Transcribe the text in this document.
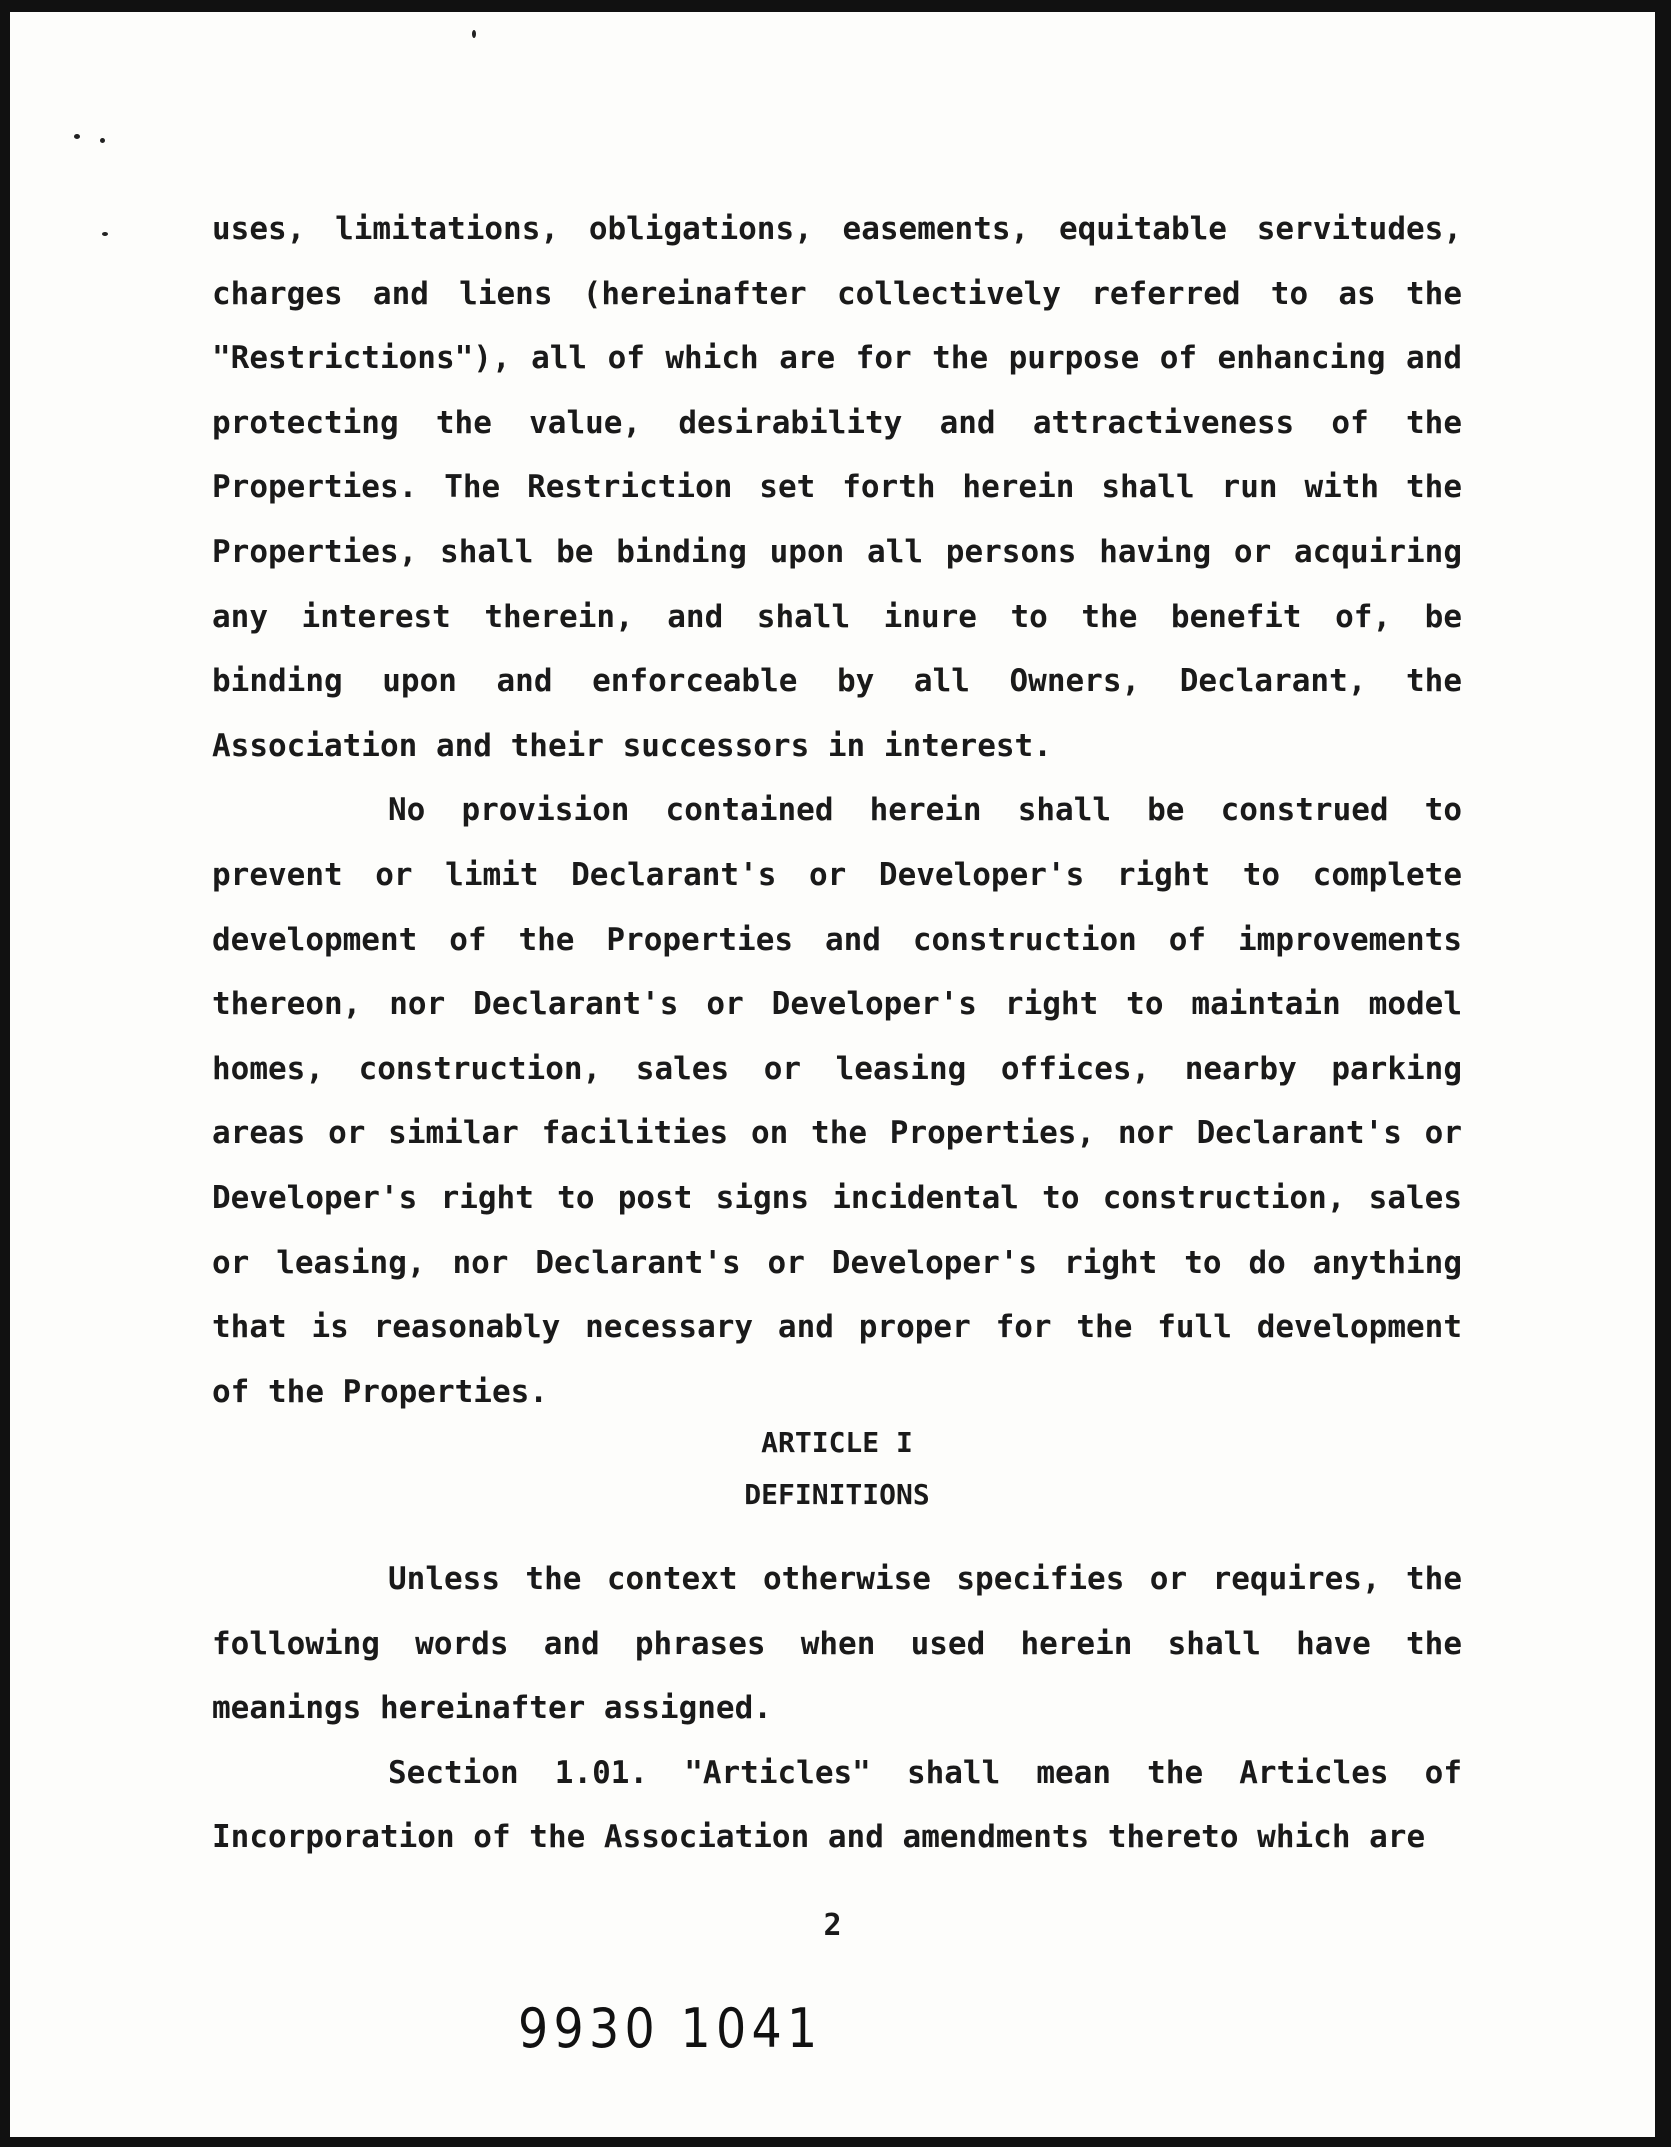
uses, limitations, obligations, easements, equitable servitudes, charges and liens (hereinafter collectively referred to as the "Restrictions"), all of which are for the purpose of enhancing and protecting the value, desirability and attractiveness of the Properties. The Restriction set forth herein shall run with the Properties, shall be binding upon all persons having or acquiring any interest therein, and shall inure to the benefit of, be binding upon and enforceable by all Owners, Declarant, the Association and their successors in interest.

No provision contained herein shall be construed to prevent or limit Declarant's or Developer's right to complete development of the Properties and construction of improvements thereon, nor Declarant's or Developer's right to maintain model homes, construction, sales or leasing offices, nearby parking areas or similar facilities on the Properties, nor Declarant's or Developer's right to post signs incidental to construction, sales or leasing, nor Declarant's or Developer's right to do anything that is reasonably necessary and proper for the full development of the Properties.

ARTICLE I

DEFINITIONS

Unless the context otherwise specifies or requires, the following words and phrases when used herein shall have the meanings hereinafter assigned.

Section 1.01. "Articles" shall mean the Articles of Incorporation of the Association and amendments thereto which are

2
9930 1041
